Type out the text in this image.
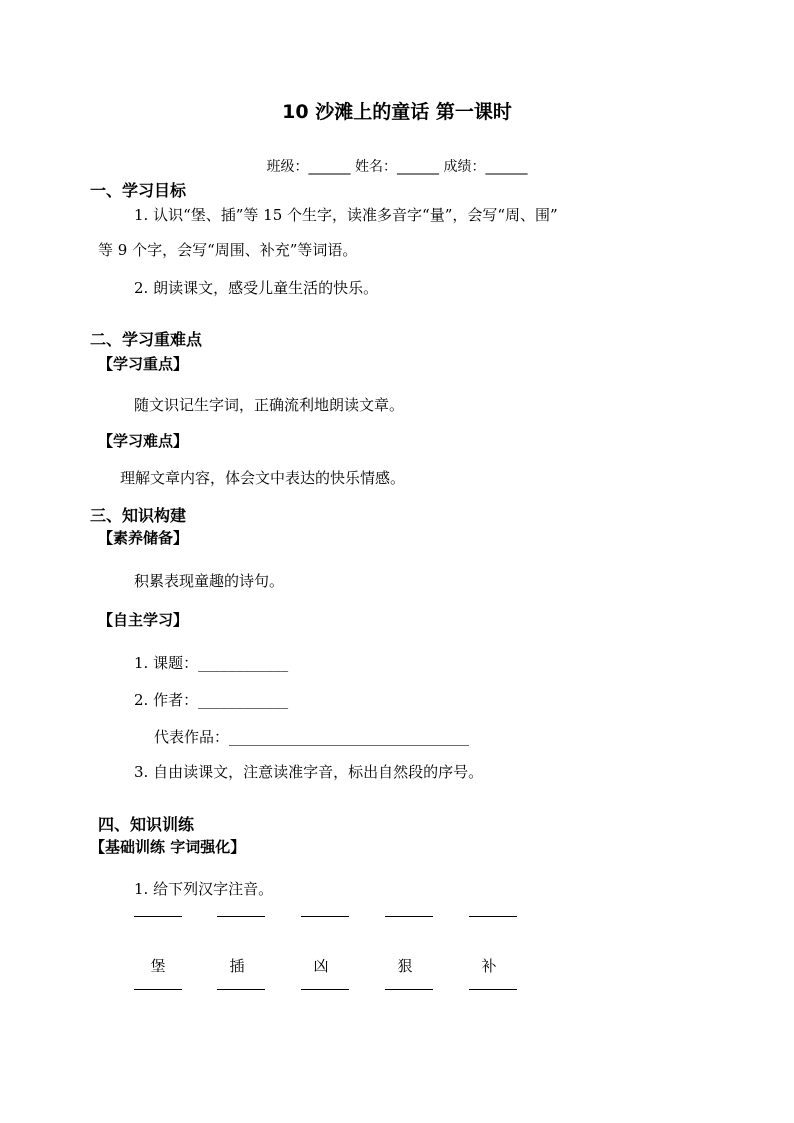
10 沙滩上的童话 第一课时
班级：______ 姓名：______ 成绩：______
一、学习目标
1. 认识“堡、插”等 15 个生字，读准多音字“量”，会写“周、围”
等 9 个字，会写“周围、补充”等词语。
2. 朗读课文，感受儿童生活的快乐。
二、学习重难点
【学习重点】
随文识记生字词，正确流利地朗读文章。
【学习难点】
理解文章内容，体会文中表达的快乐情感。
三、知识构建
【素养储备】
积累表现童趣的诗句。
【自主学习】
1. 课题：____________
2. 作者：____________
代表作品：________________________________
3. 自由读课文，注意读准字音，标出自然段的序号。
四、知识训练
【基础训练 字词强化】
1. 给下列汉字注音。
堡	插	凶	狠	补
